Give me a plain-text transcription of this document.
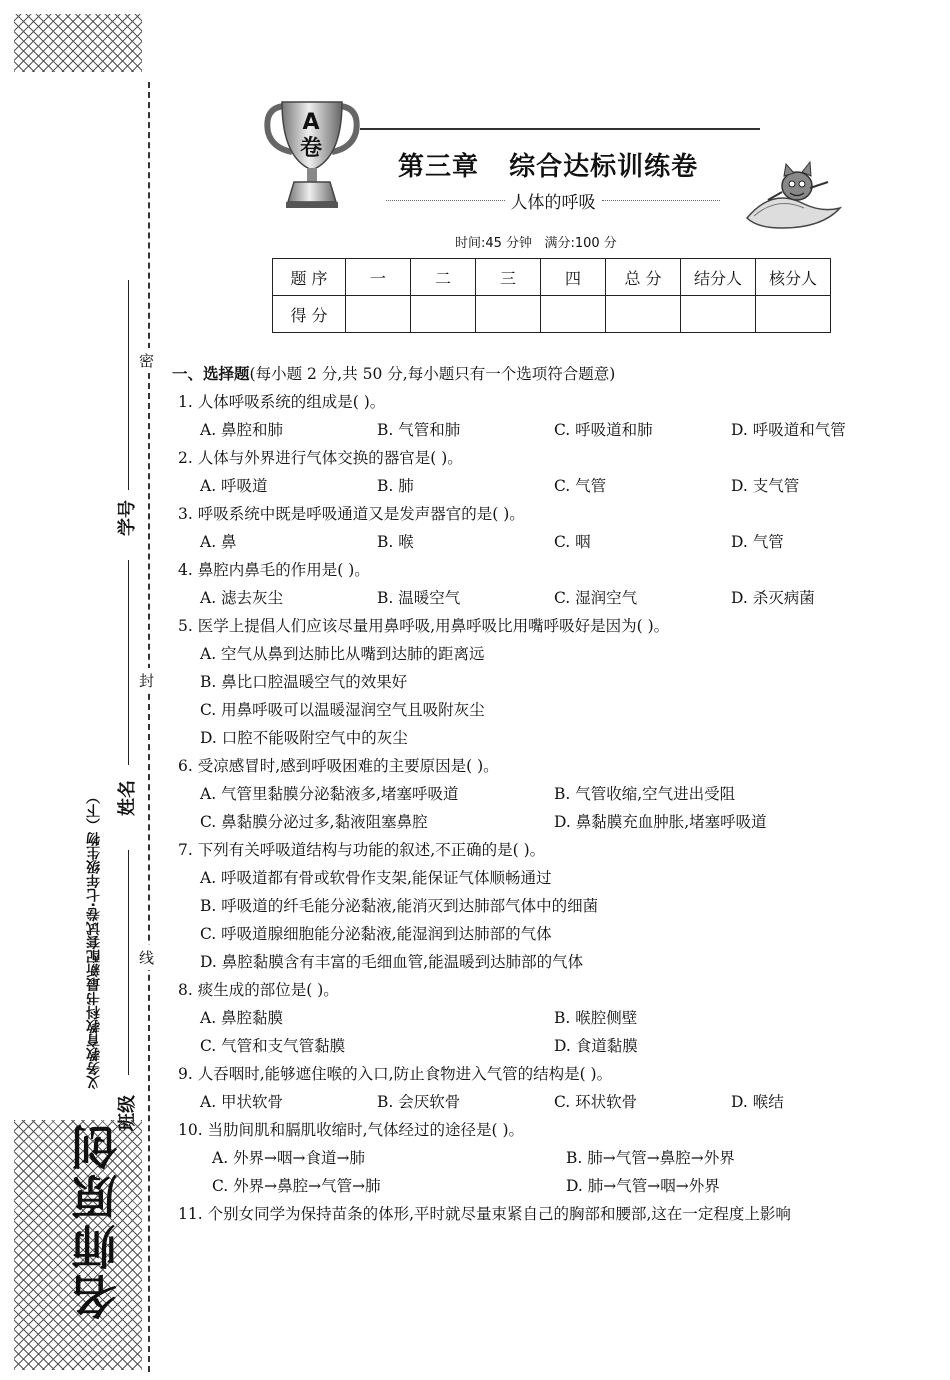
名师原创
义务教育教科书最新配套试卷·七年级生物（下）
学号
姓名
班级
密
封
线
A
卷
第三章   综合达标训练卷
人体的呼吸
时间:45 分钟   满分:100 分
题 序	一	二	三	四	总 分	结分人	核分人
得 分							
一、选择题(每小题 2 分,共 50 分,每小题只有一个选项符合题意)
1. 人体呼吸系统的组成是( )。
A. 鼻腔和肺	B. 气管和肺	C. 呼吸道和肺	D. 呼吸道和气管
2. 人体与外界进行气体交换的器官是( )。
A. 呼吸道	B. 肺	C. 气管	D. 支气管
3. 呼吸系统中既是呼吸通道又是发声器官的是( )。
A. 鼻	B. 喉	C. 咽	D. 气管
4. 鼻腔内鼻毛的作用是( )。
A. 滤去灰尘	B. 温暖空气	C. 湿润空气	D. 杀灭病菌
5. 医学上提倡人们应该尽量用鼻呼吸,用鼻呼吸比用嘴呼吸好是因为( )。
A. 空气从鼻到达肺比从嘴到达肺的距离远
B. 鼻比口腔温暖空气的效果好
C. 用鼻呼吸可以温暖湿润空气且吸附灰尘
D. 口腔不能吸附空气中的灰尘
6. 受凉感冒时,感到呼吸困难的主要原因是( )。
A. 气管里黏膜分泌黏液多,堵塞呼吸道	B. 气管收缩,空气进出受阻
C. 鼻黏膜分泌过多,黏液阻塞鼻腔	D. 鼻黏膜充血肿胀,堵塞呼吸道
7. 下列有关呼吸道结构与功能的叙述,不正确的是( )。
A. 呼吸道都有骨或软骨作支架,能保证气体顺畅通过
B. 呼吸道的纤毛能分泌黏液,能消灭到达肺部气体中的细菌
C. 呼吸道腺细胞能分泌黏液,能湿润到达肺部的气体
D. 鼻腔黏膜含有丰富的毛细血管,能温暖到达肺部的气体
8. 痰生成的部位是( )。
A. 鼻腔黏膜	B. 喉腔侧壁
C. 气管和支气管黏膜	D. 食道黏膜
9. 人吞咽时,能够遮住喉的入口,防止食物进入气管的结构是( )。
A. 甲状软骨	B. 会厌软骨	C. 环状软骨	D. 喉结
10. 当肋间肌和膈肌收缩时,气体经过的途径是( )。
A. 外界→咽→食道→肺	B. 肺→气管→鼻腔→外界
C. 外界→鼻腔→气管→肺	D. 肺→气管→咽→外界
11. 个别女同学为保持苗条的体形,平时就尽量束紧自己的胸部和腰部,这在一定程度上影响
